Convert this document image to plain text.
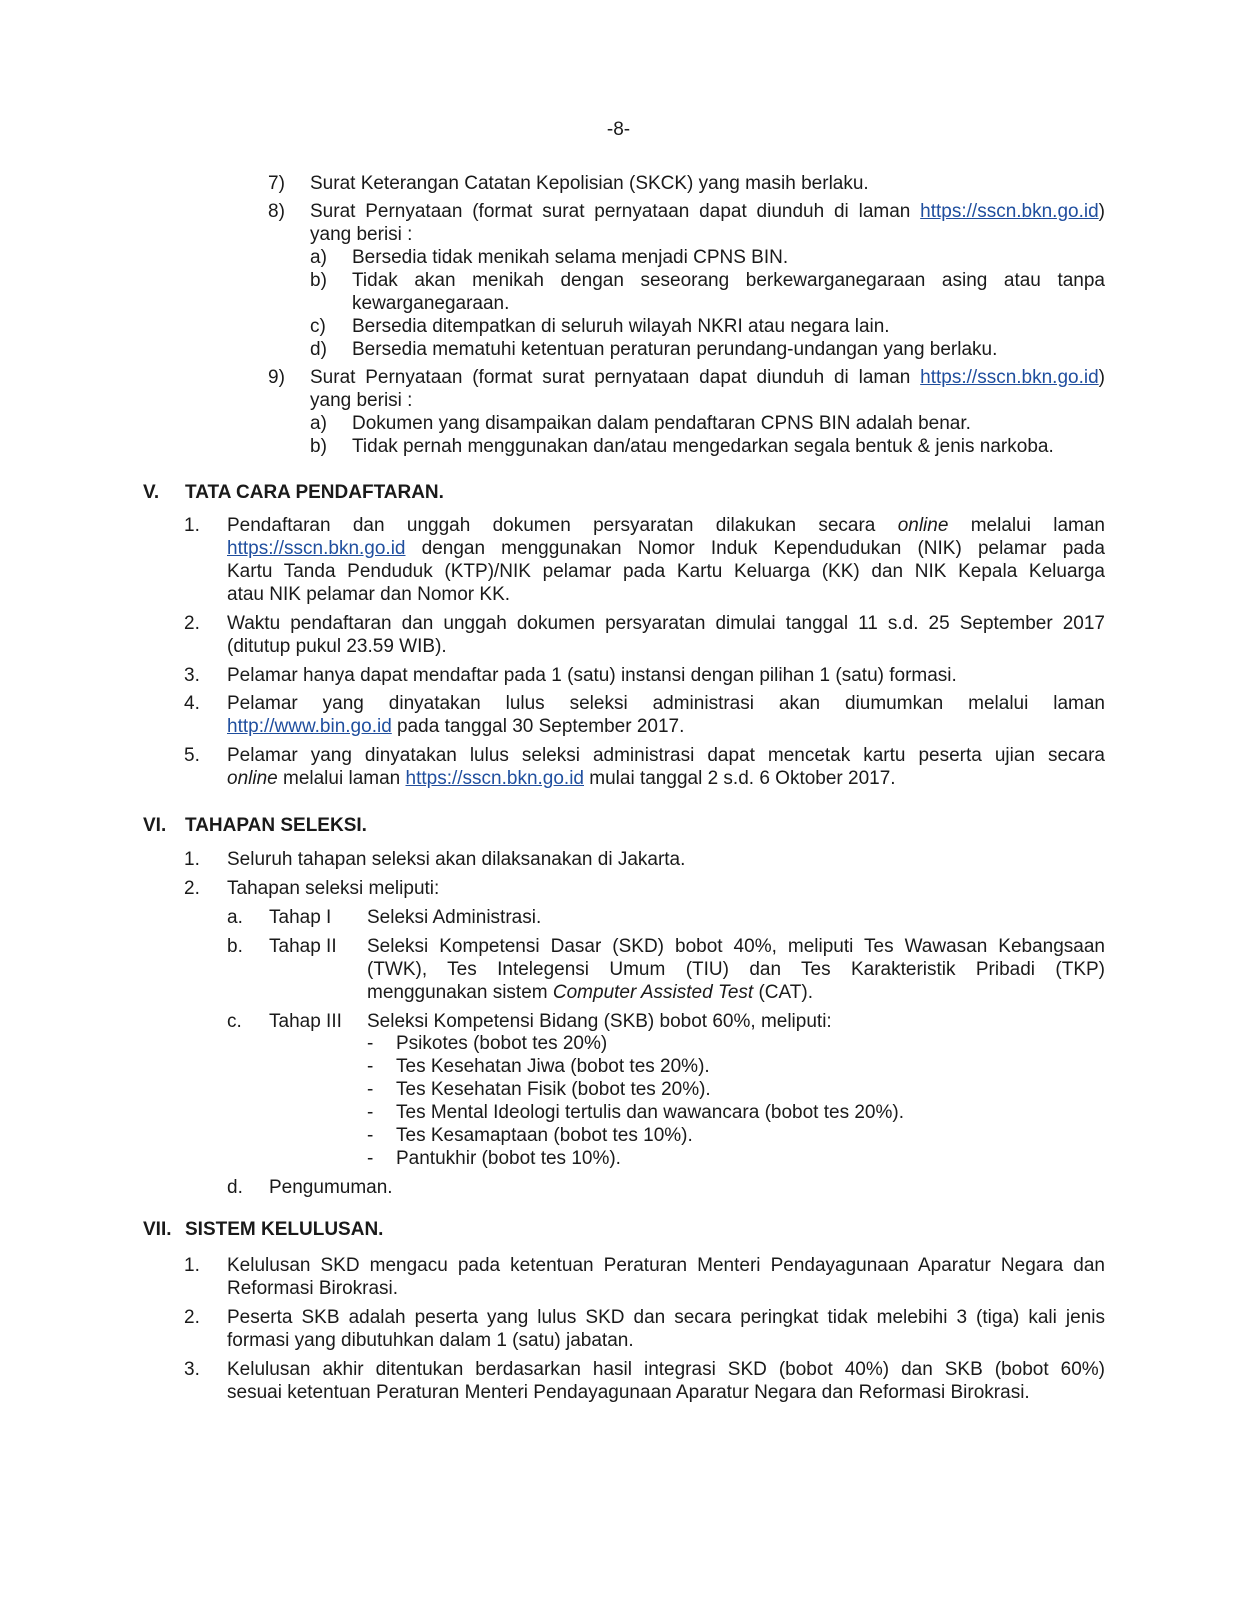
-8-
7) Surat Keterangan Catatan Kepolisian (SKCK) yang masih berlaku.
8) Surat Pernyataan (format surat pernyataan dapat diunduh di laman https://sscn.bkn.go.id)
yang berisi :
a) Bersedia tidak menikah selama menjadi CPNS BIN.
b) Tidak akan menikah dengan seseorang berkewarganegaraan asing atau tanpa
kewarganegaraan.
c) Bersedia ditempatkan di seluruh wilayah NKRI atau negara lain.
d) Bersedia mematuhi ketentuan peraturan perundang-undangan yang berlaku.
9) Surat Pernyataan (format surat pernyataan dapat diunduh di laman https://sscn.bkn.go.id)
yang berisi :
a) Dokumen yang disampaikan dalam pendaftaran CPNS BIN adalah benar.
b) Tidak pernah menggunakan dan/atau mengedarkan segala bentuk & jenis narkoba.
V. TATA CARA PENDAFTARAN.
1. Pendaftaran dan unggah dokumen persyaratan dilakukan secara online melalui laman
https://sscn.bkn.go.id dengan menggunakan Nomor Induk Kependudukan (NIK) pelamar pada
Kartu Tanda Penduduk (KTP)/NIK pelamar pada Kartu Keluarga (KK) dan NIK Kepala Keluarga
atau NIK pelamar dan Nomor KK.
2. Waktu pendaftaran dan unggah dokumen persyaratan dimulai tanggal 11 s.d. 25 September 2017
(ditutup pukul 23.59 WIB).
3. Pelamar hanya dapat mendaftar pada 1 (satu) instansi dengan pilihan 1 (satu) formasi.
4. Pelamar yang dinyatakan lulus seleksi administrasi akan diumumkan melalui laman
http://www.bin.go.id pada tanggal 30 September 2017.
5. Pelamar yang dinyatakan lulus seleksi administrasi dapat mencetak kartu peserta ujian secara
online melalui laman https://sscn.bkn.go.id mulai tanggal 2 s.d. 6 Oktober 2017.
VI. TAHAPAN SELEKSI.
1. Seluruh tahapan seleksi akan dilaksanakan di Jakarta.
2. Tahapan seleksi meliputi:
a. Tahap I Seleksi Administrasi.
b. Tahap II Seleksi Kompetensi Dasar (SKD) bobot 40%, meliputi Tes Wawasan Kebangsaan
(TWK), Tes Intelegensi Umum (TIU) dan Tes Karakteristik Pribadi (TKP)
menggunakan sistem Computer Assisted Test (CAT).
c. Tahap III Seleksi Kompetensi Bidang (SKB) bobot 60%, meliputi:
- Psikotes (bobot tes 20%)
- Tes Kesehatan Jiwa (bobot tes 20%).
- Tes Kesehatan Fisik (bobot tes 20%).
- Tes Mental Ideologi tertulis dan wawancara (bobot tes 20%).
- Tes Kesamaptaan (bobot tes 10%).
- Pantukhir (bobot tes 10%).
d. Pengumuman.
VII. SISTEM KELULUSAN.
1. Kelulusan SKD mengacu pada ketentuan Peraturan Menteri Pendayagunaan Aparatur Negara dan
Reformasi Birokrasi.
2. Peserta SKB adalah peserta yang lulus SKD dan secara peringkat tidak melebihi 3 (tiga) kali jenis
formasi yang dibutuhkan dalam 1 (satu) jabatan.
3. Kelulusan akhir ditentukan berdasarkan hasil integrasi SKD (bobot 40%) dan SKB (bobot 60%)
sesuai ketentuan Peraturan Menteri Pendayagunaan Aparatur Negara dan Reformasi Birokrasi.
